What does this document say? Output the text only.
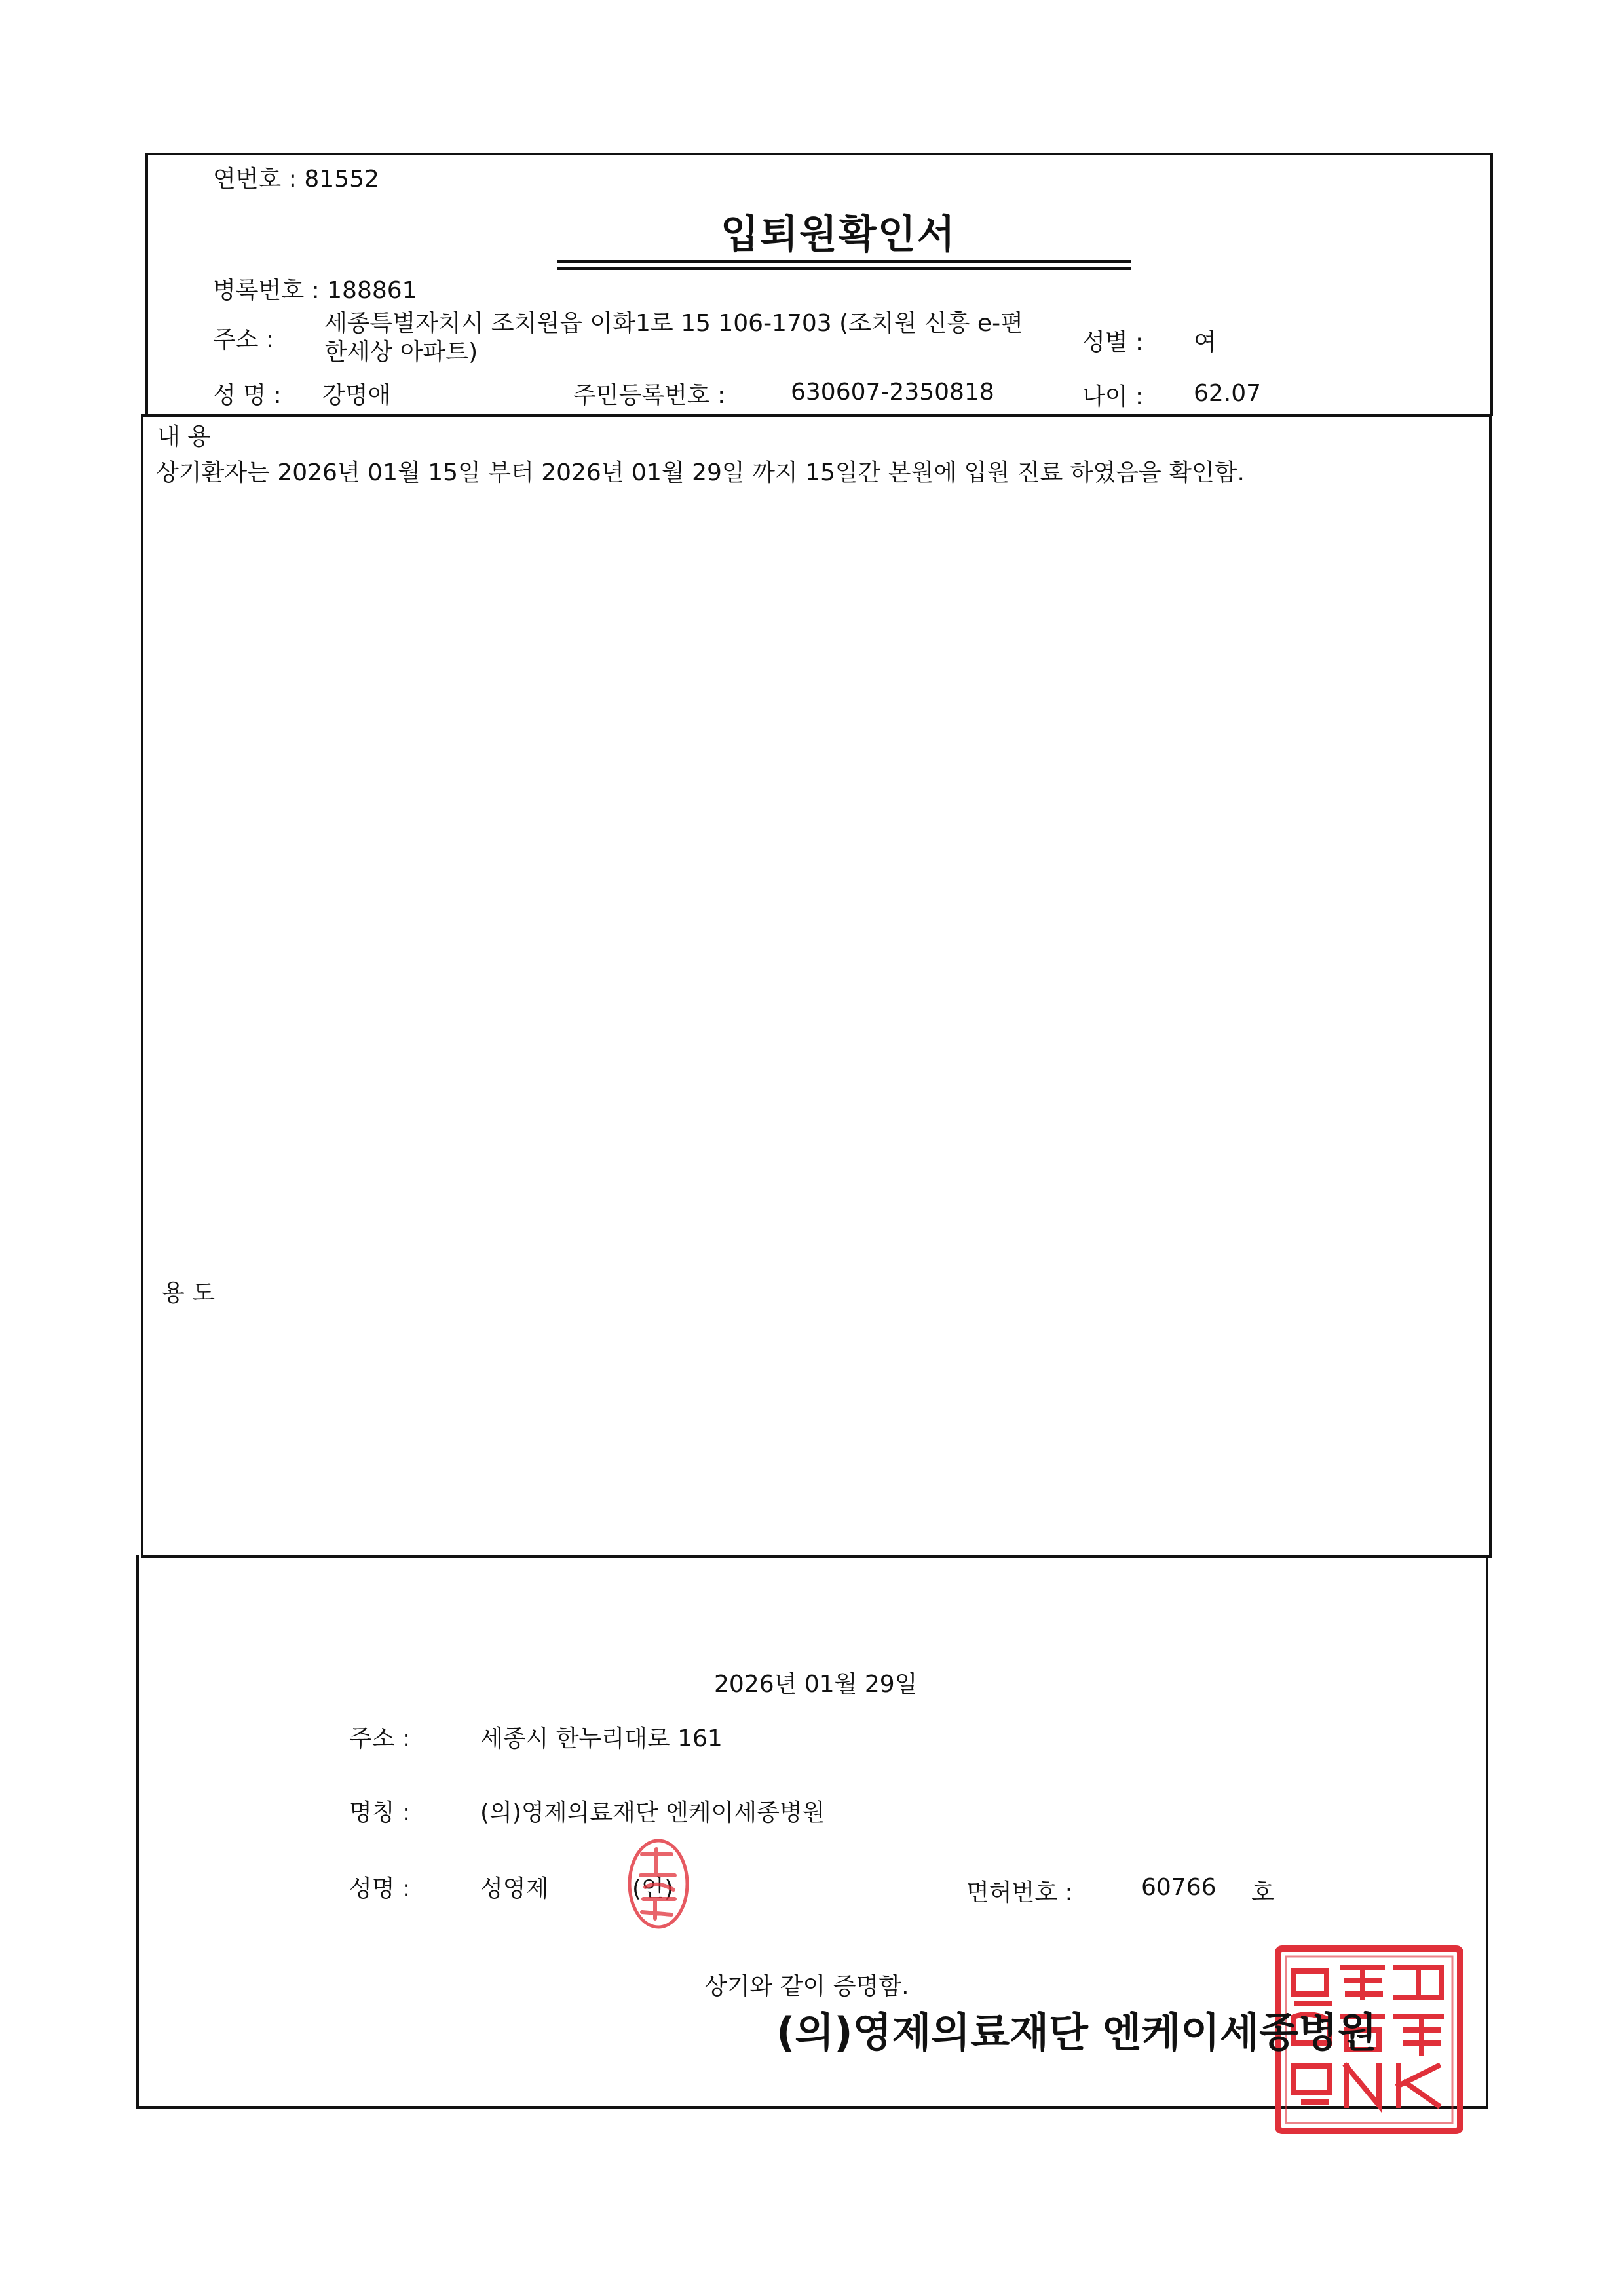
연번호 : 81552
입퇴원확인서
병록번호 : 188861
주소 :
세종특별자치시 조치원읍 이화1로 15 106-1703 (조치원 신흥 e-편
한세상 아파트)	성별 : 여
성 명 : 강명애	주민등록번호 :	630607-2350818	나이 : 62.07
내 용
상기환자는 2026년 01월 15일 부터 2026년 01월 29일 까지 15일간 본원에 입원 진료 하였음을 확인함.
용 도
2026년 01월 29일
주소 :	세종시 한누리대로 161
명칭 :	(의)영제의료재단 엔케이세종병원
성명 :	성영제	(인)	면허번호 :	60766 호
상기와 같이 증명함.
(의)영제의료재단 엔케이세종병원
